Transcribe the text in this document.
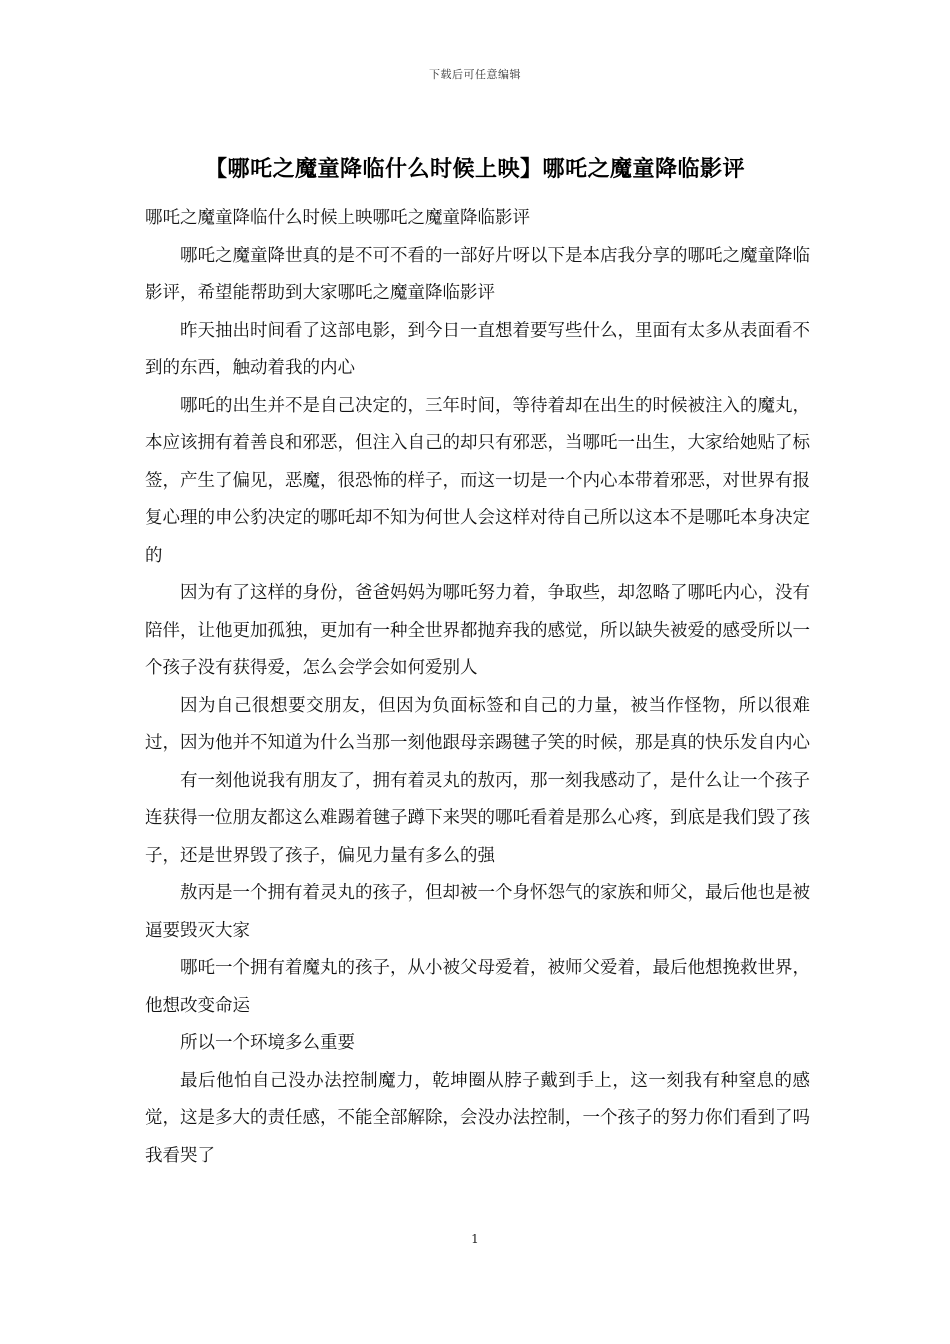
下载后可任意编辑
【哪吒之魔童降临什么时候上映】哪吒之魔童降临影评

哪吒之魔童降临什么时候上映哪吒之魔童降临影评

哪吒之魔童降世真的是不可不看的一部好片呀以下是本店我分享的哪吒之魔童降临影评，希望能帮助到大家哪吒之魔童降临影评

昨天抽出时间看了这部电影，到今日一直想着要写些什么，里面有太多从表面看不到的东西，触动着我的内心

哪吒的出生并不是自己决定的，三年时间，等待着却在出生的时候被注入的魔丸，本应该拥有着善良和邪恶，但注入自己的却只有邪恶，当哪吒一出生，大家给她贴了标签，产生了偏见，恶魔，很恐怖的样子，而这一切是一个内心本带着邪恶，对世界有报复心理的申公豹决定的哪吒却不知为何世人会这样对待自己所以这本不是哪吒本身决定的

因为有了这样的身份，爸爸妈妈为哪吒努力着，争取些，却忽略了哪吒内心，没有陪伴，让他更加孤独，更加有一种全世界都抛弃我的感觉，所以缺失被爱的感受所以一个孩子没有获得爱，怎么会学会如何爱别人

因为自己很想要交朋友，但因为负面标签和自己的力量，被当作怪物，所以很难过，因为他并不知道为什么当那一刻他跟母亲踢毽子笑的时候，那是真的快乐发自内心

有一刻他说我有朋友了，拥有着灵丸的敖丙，那一刻我感动了，是什么让一个孩子连获得一位朋友都这么难踢着毽子蹲下来哭的哪吒看着是那么心疼，到底是我们毁了孩子，还是世界毁了孩子，偏见力量有多么的强

敖丙是一个拥有着灵丸的孩子，但却被一个身怀怨气的家族和师父，最后他也是被逼要毁灭大家

哪吒一个拥有着魔丸的孩子，从小被父母爱着，被师父爱着，最后他想挽救世界，他想改变命运

所以一个环境多么重要

最后他怕自己没办法控制魔力，乾坤圈从脖子戴到手上，这一刻我有种窒息的感觉，这是多大的责任感，不能全部解除，会没办法控制，一个孩子的努力你们看到了吗我看哭了

1
